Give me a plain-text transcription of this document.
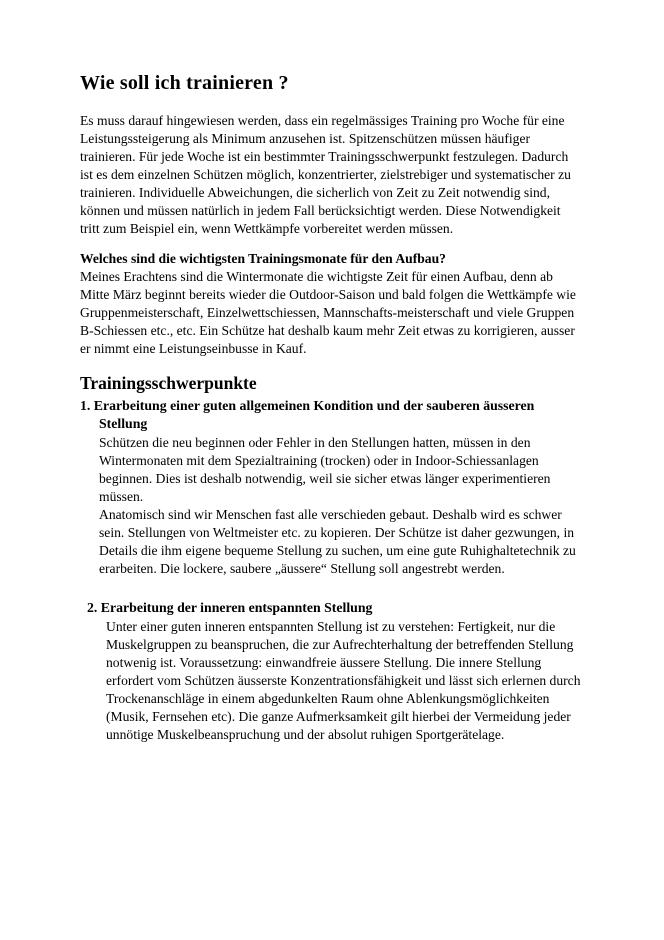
Wie soll ich trainieren ?

Es muss darauf hingewiesen werden, dass ein regelmässiges Training pro Woche für eine Leistungssteigerung als Minimum anzusehen ist. Spitzenschützen müssen häufiger trainieren. Für jede Woche ist ein bestimmter Trainingsschwerpunkt festzulegen. Dadurch ist es dem einzelnen Schützen möglich, konzentrierter, zielstrebiger und systematischer zu trainieren. Individuelle Abweichungen, die sicherlich von Zeit zu Zeit notwendig sind, können und müssen natürlich in jedem Fall berücksichtigt werden. Diese Notwendigkeit tritt zum Beispiel ein, wenn Wettkämpfe vorbereitet werden müssen.

Welches sind die wichtigsten Trainingsmonate für den Aufbau?

Meines Erachtens sind die Wintermonate die wichtigste Zeit für einen Aufbau, denn ab Mitte März beginnt bereits wieder die Outdoor-Saison und bald folgen die Wettkämpfe wie Gruppenmeisterschaft, Einzelwettschiessen, Mannschafts-meisterschaft und viele Gruppen B-Schiessen etc., etc. Ein Schütze hat deshalb kaum mehr Zeit etwas zu korrigieren, ausser er nimmt eine Leistungseinbusse in Kauf.

Trainingsschwerpunkte
1. Erarbeitung einer guten allgemeinen Kondition und der sauberen äusseren Stellung

Schützen die neu beginnen oder Fehler in den Stellungen hatten, müssen in den Wintermonaten mit dem Spezialtraining (trocken) oder in Indoor-Schiessanlagen beginnen. Dies ist deshalb notwendig, weil sie sicher etwas länger experimentieren müssen.

Anatomisch sind wir Menschen fast alle verschieden gebaut. Deshalb wird es schwer sein. Stellungen von Weltmeister etc. zu kopieren. Der Schütze ist daher gezwungen, in Details die ihm eigene bequeme Stellung zu suchen, um eine gute Ruhighaltetechnik zu erarbeiten. Die lockere, saubere „äussere“ Stellung soll angestrebt werden.

2. Erarbeitung der inneren entspannten Stellung

Unter einer guten inneren entspannten Stellung ist zu verstehen: Fertigkeit, nur die Muskelgruppen zu beanspruchen, die zur Aufrechterhaltung der betreffenden Stellung notwenig ist. Voraussetzung: einwandfreie äussere Stellung. Die innere Stellung erfordert vom Schützen äusserste Konzentrationsfähigkeit und lässt sich erlernen durch Trockenanschläge in einem abgedunkelten Raum ohne Ablenkungsmöglichkeiten (Musik, Fernsehen etc). Die ganze Aufmerksamkeit gilt hierbei der Vermeidung jeder unnötige Muskelbeanspruchung und der absolut ruhigen Sportgerätelage.
